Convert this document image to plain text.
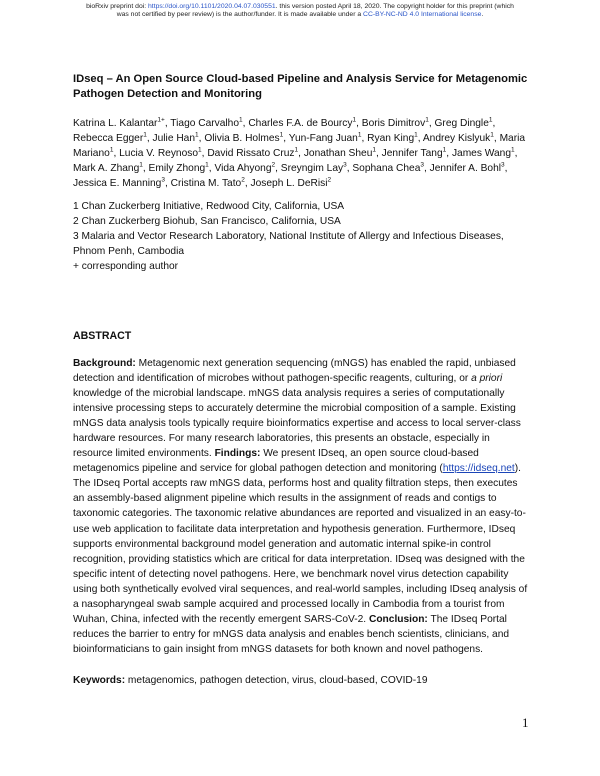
bioRxiv preprint doi: https://doi.org/10.1101/2020.04.07.030551. this version posted April 18, 2020. The copyright holder for this preprint (which
was not certified by peer review) is the author/funder. It is made available under a CC-BY-NC-ND 4.0 International license.
IDseq – An Open Source Cloud-based Pipeline and Analysis Service for Metagenomic Pathogen Detection and Monitoring
Katrina L. Kalantar$^{1+}$, Tiago Carvalho$^1$, Charles F.A. de Bourcy$^1$, Boris Dimitrov$^1$, Greg Dingle$^1$, Rebecca Egger$^1$, Julie Han$^1$, Olivia B. Holmes$^1$, Yun-Fang Juan$^1$, Ryan King$^1$, Andrey Kislyuk$^1$, Maria Mariano$^1$, Lucia V. Reynoso$^1$, David Rissato Cruz$^1$, Jonathan Sheu$^1$, Jennifer Tang$^1$, James Wang$^1$, Mark A. Zhang$^1$, Emily Zhong$^1$, Vida Ahyong$^2$, Sreyngim Lay$^3$, Sophana Chea$^3$, Jennifer A. Bohl$^3$, Jessica E. Manning$^3$, Cristina M. Tato$^2$, Joseph L. DeRisi$^2$
1 Chan Zuckerberg Initiative, Redwood City, California, USA
2 Chan Zuckerberg Biohub, San Francisco, California, USA
3 Malaria and Vector Research Laboratory, National Institute of Allergy and Infectious Diseases, Phnom Penh, Cambodia
+ corresponding author
ABSTRACT
Background: Metagenomic next generation sequencing (mNGS) has enabled the rapid, unbiased detection and identification of microbes without pathogen-specific reagents, culturing, or a priori knowledge of the microbial landscape. mNGS data analysis requires a series of computationally intensive processing steps to accurately determine the microbial composition of a sample. Existing mNGS data analysis tools typically require bioinformatics expertise and access to local server-class hardware resources. For many research laboratories, this presents an obstacle, especially in resource limited environments. Findings: We present IDseq, an open source cloud-based metagenomics pipeline and service for global pathogen detection and monitoring (https://idseq.net). The IDseq Portal accepts raw mNGS data, performs host and quality filtration steps, then executes an assembly-based alignment pipeline which results in the assignment of reads and contigs to taxonomic categories. The taxonomic relative abundances are reported and visualized in an easy-to-use web application to facilitate data interpretation and hypothesis generation. Furthermore, IDseq supports environmental background model generation and automatic internal spike-in control recognition, providing statistics which are critical for data interpretation. IDseq was designed with the specific intent of detecting novel pathogens. Here, we benchmark novel virus detection capability using both synthetically evolved viral sequences, and real-world samples, including IDseq analysis of a nasopharyngeal swab sample acquired and processed locally in Cambodia from a tourist from Wuhan, China, infected with the recently emergent SARS-CoV-2. Conclusion: The IDseq Portal reduces the barrier to entry for mNGS data analysis and enables bench scientists, clinicians, and bioinformaticians to gain insight from mNGS datasets for both known and novel pathogens.
Keywords: metagenomics, pathogen detection, virus, cloud-based, COVID-19
1
